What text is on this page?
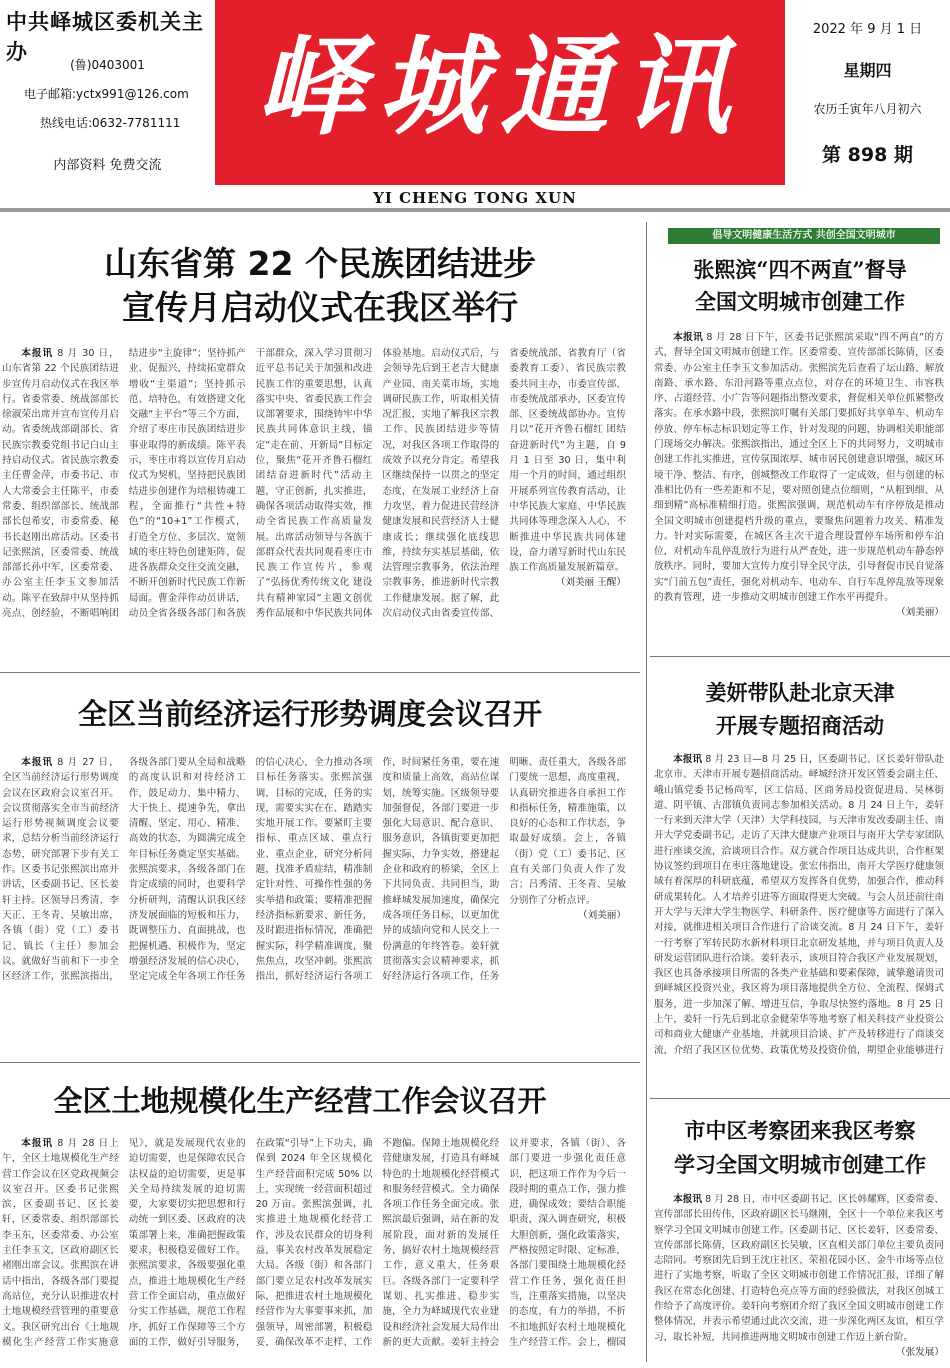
中共峄城区委机关主办
(鲁)0403001
电子邮箱:yctx991@126.com
热线电话:0632-7781111
内部资料 免费交流
峄城通讯	2022 年 9 月 1 日
星期四
农历壬寅年八月初六
第 898 期
YI CHENG TONG XUN
山东省第 22 个民族团结进步
宣传月启动仪式在我区举行

本报讯 8 月 30 日，山东省第 22 个民族团结进步宣传月启动仪式在我区举行。省委常委、统战部部长徐淑荣出席并宣布宣传月启动。省委统战部副部长、省民族宗教委党组书记白山主持启动仪式。省民族宗教委主任曹金萍，市委书记、市人大常委会主任陈平，市委常委、组织部部长、统战部部长包希安，市委常委、秘书长赵刚出席活动。区委书记张熙滨，区委常委、统战部部长孙中军，区委常委、办公室主任李玉文参加活动。陈平在致辞中从坚持抓亮点、创经验，不断唱响团结进步“主旋律”；坚持抓产业、促振兴，持续拓宽群众增收“主渠道”；坚持抓示范、培特色，有效搭建文化交融“主平台”等三个方面，介绍了枣庄市民族团结进步事业取得的新成绩。陈平表示，枣庄市将以宣传月启动仪式为契机，坚持把民族团结进步创建作为培根铸魂工程，全面推行“共性+特色”的“10+1”工作模式，打造全方位、多层次、宽领域的枣庄特色创建矩阵，促进各族群众交往交流交融，不断开创新时代民族工作新局面。曹金萍作动员讲话，动员全省各级各部门和各族干部群众，深入学习贯彻习近平总书记关于加强和改进民族工作的重要思想，认真落实中央、省委民族工作会议部署要求，围绕铸牢中华民族共同体意识主线，锚定“走在前、开新局”目标定位，聚焦“花开齐鲁石榴红 团结奋进新时代”活动主题，守正创新，扎实推进，确保各项活动取得实效，推动全省民族工作高质量发展。出席活动领导与各族干部群众代表共同观看枣庄市民族工作宣传片，参观了“弘扬优秀传统文化 建设共有精神家园”主题文创优秀作品展和中华民族共同体体验基地。启动仪式后，与会领导先后到王老吉大健康产业园、南关菜市场，实地调研民族工作，听取相关情况汇报，实地了解我区宗教工作、民族团结进步等情况，对我区各项工作取得的成效予以充分肯定。希望我区继续保持一以贯之的坚定态度，在发展工业经济上奋力攻坚，着力促进民营经济健康发展和民营经济人士健康成长；继续强化底线思维，持续夯实基层基础，依法管理宗教事务，依法治理宗教事务，推进新时代宗教工作健康发展。据了解，此次启动仪式由省委宣传部、省委统战部、省教育厅（省委教育工委）、省民族宗教委共同主办，市委宣传部、市委统战部承办，区委宣传部、区委统战部协办。宣传月以“花开齐鲁石榴红 团结奋进新时代”为主题，自 9 月 1 日至 30 日，集中利用一个月的时间，通过组织开展系列宣传教育活动，让中华民族大家庭、中华民族共同体等理念深入人心，不断推进中华民族共同体建设，奋力谱写新时代山东民族工作高质量发展新篇章。
（刘美丽 王醒）

全区当前经济运行形势调度会议召开

本报讯 8 月 27 日，全区当前经济运行形势调度会议在区政府会议室召开。会议贯彻落实全市当前经济运行形势视频调度会议要求，总结分析当前经济运行态势，研究部署下步有关工作。区委书记张熙滨出席并讲话，区委副书记、区长姜轩主持。区领导吕秀清、李天正、王冬青、吴敏出席，各镇（街）党（工）委书记、镇长（主任）参加会议。就做好当前和下一步全区经济工作，张熙滨指出，各级各部门要从全局和战略的高度认识和对待经济工作，鼓足动力、集中精力、大干快上、提速争先，拿出清醒、坚定、用心、精准、高效的状态，为圆满完成全年目标任务奠定坚实基础。张熙滨要求，各级各部门在肯定成绩的同时，也要科学分析研判，清醒认识我区经济发展面临的短板和压力，既调整压力、直面挑战，也把握机遇、积极作为，坚定增强经济发展的信心决心，坚定完成全年各项工作任务的信心决心，全力推动各项目标任务落实。张熙滨强调，目标的完成，任务的实现，需要实实在在、踏踏实实地开展工作。要紧盯主要指标、重点区域、重点行业、重点企业，研究分析问题，找准矛盾症结，精准制定针对性、可操作性强的务实举措和政策；要精准把握经济指标新要求、新任务，及时跟进指标情况，准确把握实际，科学精准调度，聚焦焦点，攻坚冲刺。张熙滨指出，抓好经济运行各项工作，时间紧任务重，要在速度和质量上高效，高站位谋划，统筹实施。区级领导要加强督促，各部门要进一步强化大局意识、配合意识、服务意识，各镇街要更加把握实际，力争实效，搭建起企业和政府的桥梁，全区上下共同负责、共同担当，助推峄城发展加速度，确保完成各项任务目标，以更加优异的成绩向党和人民交上一份满意的年终答卷。姜轩就贯彻落实会议精神要求，抓好经济运行各项工作，任务明晰、责任重大，各级各部门要统一思想，高度重视，认真研究推进各自承担工作和指标任务，精准施策，以良好的心态和工作状态，争取最好成绩。会上，各镇（街）党（工）委书记、区直有关部门负责人作了发言；吕秀清、王冬青、吴敏分别作了分析点评。
（刘美丽）

全区土地规模化生产经营工作会议召开

本报讯 8 月 28 日上午，全区土地规模化生产经营工作会议在区党政视频会议室召开。区委书记张熙滨，区委副书记、区长姜轩，区委常委、组织部部长李玉东，区委常委、办公室主任李玉文，区政府副区长褚刚出席会议。张熙滨在讲话中指出，各级各部门要提高站位，充分认识推进农村土地规模经营管理的重要意义。我区研究出台《土地规模化生产经营工作实施意见》，就是发展现代农业的迫切需要，也是保障农民合法权益的迫切需要，更是事关全局持续发展的迫切需要，大家要切实把思想和行动统一到区委、区政府的决策部署上来，准确把握政策要求，积极稳妥做好工作。张熙滨要求，各级要强化重点，推进土地规模化生产经营工作全面启动，重点做好分实工作基础，规范工作程序，抓好工作保障等三个方面的工作，做好引导服务，在政策“引导”上下功夫，确保到 2024 年全区规模化生产经营面积完成 50% 以上，实现统一经营面积超过 20 万亩。张熙滨强调，扎实推进土地规模化经营工作，涉及农民群众的切身利益，事关农村改革发展稳定大局。各级（街）和各部门部门要立足农村改革发展实际，把推进农村土地规模化经营作为大事要事来抓，加强领导，周密部署，积极稳妥，确保改革不走样、工作不跑偏。保障土地规模化经营健康发展，打造具有峄城特色的土地规模化经营模式和服务经营模式。全力确保各项工作任务全面完成。张熙滨最后强调，站在新的发展阶段，面对新的发展任务，搞好农村土地规模经营工作，意义重大，任务艰巨。各级各部门一定要科学谋划、扎实推进、稳步实施，全力为峄城现代农业建设和经济社会发展大局作出新的更大贡献。姜轩主持会议并要求，各镇（街）、各部门要进一步强化责任意识，把这项工作作为今后一段时期的重点工作，强力推进，确保成效；要结合职能职责，深入调查研究，积极大胆创新，强化政策落实，严格按照定时限、定标准，各部门要围绕土地规模化经营工作任务，强化责任担当，注重落实措施，以坚决的态度，有力的举措，不折不扣地抓好农村土地规模化生产经营工作。会上，榴园

倡导文明健康生活方式 共创全国文明城市
张熙滨“四不两直”督导
全国文明城市创建工作

本报讯 8 月 28 日下午，区委书记张熙滨采取“四不两直”的方式，督导全国文明城市创建工作。区委常委、宣传部部长陈倩，区委常委、办公室主任李玉文参加活动。张熙滨先后查看了坛山路、解放南路、承水路、东沿河路等重点点位，对存在的环境卫生、市容秩序、占道经营、小广告等问题指出整改要求，督促相关单位抓紧整改落实。在承水路中段，张熙滨叮嘱有关部门要抓好共享单车、机动车停放、停车标志标识划定等工作，针对发现的问题，协调相关职能部门现场交办解决。张熙滨指出，通过全区上下的共同努力，文明城市创建工作扎实推进，宣传氛围浓厚、城市居民创建意识增强，城区环境干净、整洁、有序，创城整改工作取得了一定成效，但与创建的标准相比仍有一些差距和不足，要对照创建点位细则，“从粗到细、从细到精”高标准精细打造。张熙滨强调，规范机动车有序停放是推动全国文明城市创建提档升级的重点，要聚焦问题着力攻关、精准发力。针对实际需要，在城区各主次干道合理设置停车场所和停车泊位，对机动车乱停乱放行为进行从严查处，进一步规范机动车静态停放秩序。同时，要加大宣传力度引导全民守法，引导督促市民自觉落实“门前五包”责任，强化对机动车、电动车、自行车乱停乱放等现象的教育管理，进一步推动文明城市创建工作水平再提升。
（刘美丽）

姜妍带队赴北京天津
开展专题招商活动

本报讯 8 月 23 日—8 月 25 日，区委副书记、区长姜轩带队赴北京市、天津市开展专题招商活动。峄城经济开发区管委会副主任、峨山镇党委书记杨尚军，区工信局、区商务局投资促进局、吴林街道、阴平镇、古邵镇负责同志参加相关活动。8 月 24 日上午，姜轩一行来到天津大学（天津）大学科技园，与天津市发改委副主任、南开大学党委副书记，走访了天津大健康产业项目与南开大学专家团队进行座谈交流，洽谈项目合作。双方就合作项目达成共识，合作框架协议签约到项目在枣庄落地建设。张宏伟指出，南开大学医疗健康领域有着深厚的科研底蕴，希望双方发挥各自优势，加强合作，推动科研成果转化。人才培养引进等方面取得更大突破。与会人员还前往南开大学与天津大学生物医学、科研条件、医疗健康等方面进行了深入对接，就推进相关项目合作进行了洽谈交流。8 月 24 日下午，姜轩一行考察了军转民防水新材料项目北京研发基地，并与项目负责人及研发运营团队进行洽谈。姜轩表示，该项目符合我区产业发展规划，我区也具备承接项目所需的各类产业基础和要素保障，诚挚邀请贵司到峄城区投资兴业，我区将为项目落地提供全方位、全流程、保姆式服务，进一步加深了解、增进互信，争取尽快签约落地。8 月 25 日上午，姜轩一行先后到北京金健荣华等地考察了相关科技产业投资公司和商业大健康产业基地，并就项目洽谈、扩产及转移进行了商谈交流，介绍了我区区位优势、政策优势及投资价值，期望企业能够进行

市中区考察团来我区考察
学习全国文明城市创建工作

本报讯 8 月 28 日，市中区委副书记、区长韩耀辉，区委常委、宣传部部长田传伟，区政府副区长马继刚，全区十一个单位来我区考察学习全国文明城市创建工作。区委副书记、区长姜轩，区委常委、宣传部部长陈倩，区政府副区长吴敏，区直相关部门单位主要负责同志陪同。考察团先后到王沈庄社区、荣祖花园小区、金牛市场等点位进行了实地考察，听取了全区文明城市创建工作情况汇报，详细了解我区在常态化创建、打造特色亮点等方面的经验做法，对我区创城工作给予了高度评价。姜轩向考察团介绍了我区全国文明城市创建工作整体情况，并表示希望通过此次交流，进一步深化两区友谊，相互学习，取长补短，共同推进两地文明城市创建工作迈上新台阶。
（张发展）
